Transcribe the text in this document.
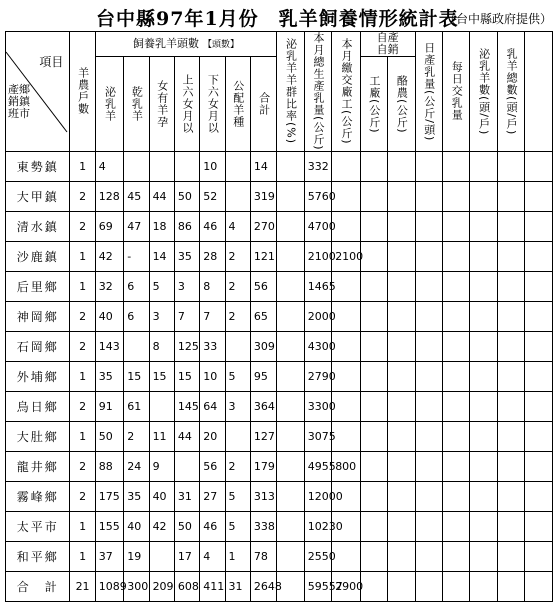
台中縣97年1月份　乳羊飼養情形統計表
（台中縣政府提供）
項目
產鄉
銷鎮
班市	羊農戶數	飼養乳羊頭數 【頭數】							泌乳羊羊群比率(%)	本月總生產乳量(公斤)	本月繳交廠工(公斤)	自產自銷		日產乳量(公斤/頭)	每日交乳量	泌乳羊數(頭/戶)	乳羊總數(頭/戶)	

		泌乳羊	乾乳羊	女有羊孕	上六女月以	下六女月以	公配羊種	合計				工廠(公斤)	酪農(公斤)					

東勢鎮	1	4				10		14		332								
大甲鎮	2	128	45	44	50	52		319		5760								
清水鎮	2	69	47	18	86	46	4	270		4700								
沙鹿鎮	1	42	-	14	35	28	2	121		2100	2100							
后里鄉	1	32	6	5	3	8	2	56		1465								
神岡鄉	2	40	6	3	7	7	2	65		2000								
石岡鄉	2	143		8	125	33		309		4300								
外埔鄉	1	35	15	15	15	10	5	95		2790								
烏日鄉	2	91	61		145	64	3	364		3300								
大肚鄉	1	50	2	11	44	20		127		3075								
龍井鄉	2	88	24	9		56	2	179		4955	800							
霧峰鄉	2	175	35	40	31	27	5	313		12000								
太平市	1	155	40	42	50	46	5	338		10230								
和平鄉	1	37	19		17	4	1	78		2550								
合　計	21	1089	300	209	608	411	31	2648		59557	2900							
